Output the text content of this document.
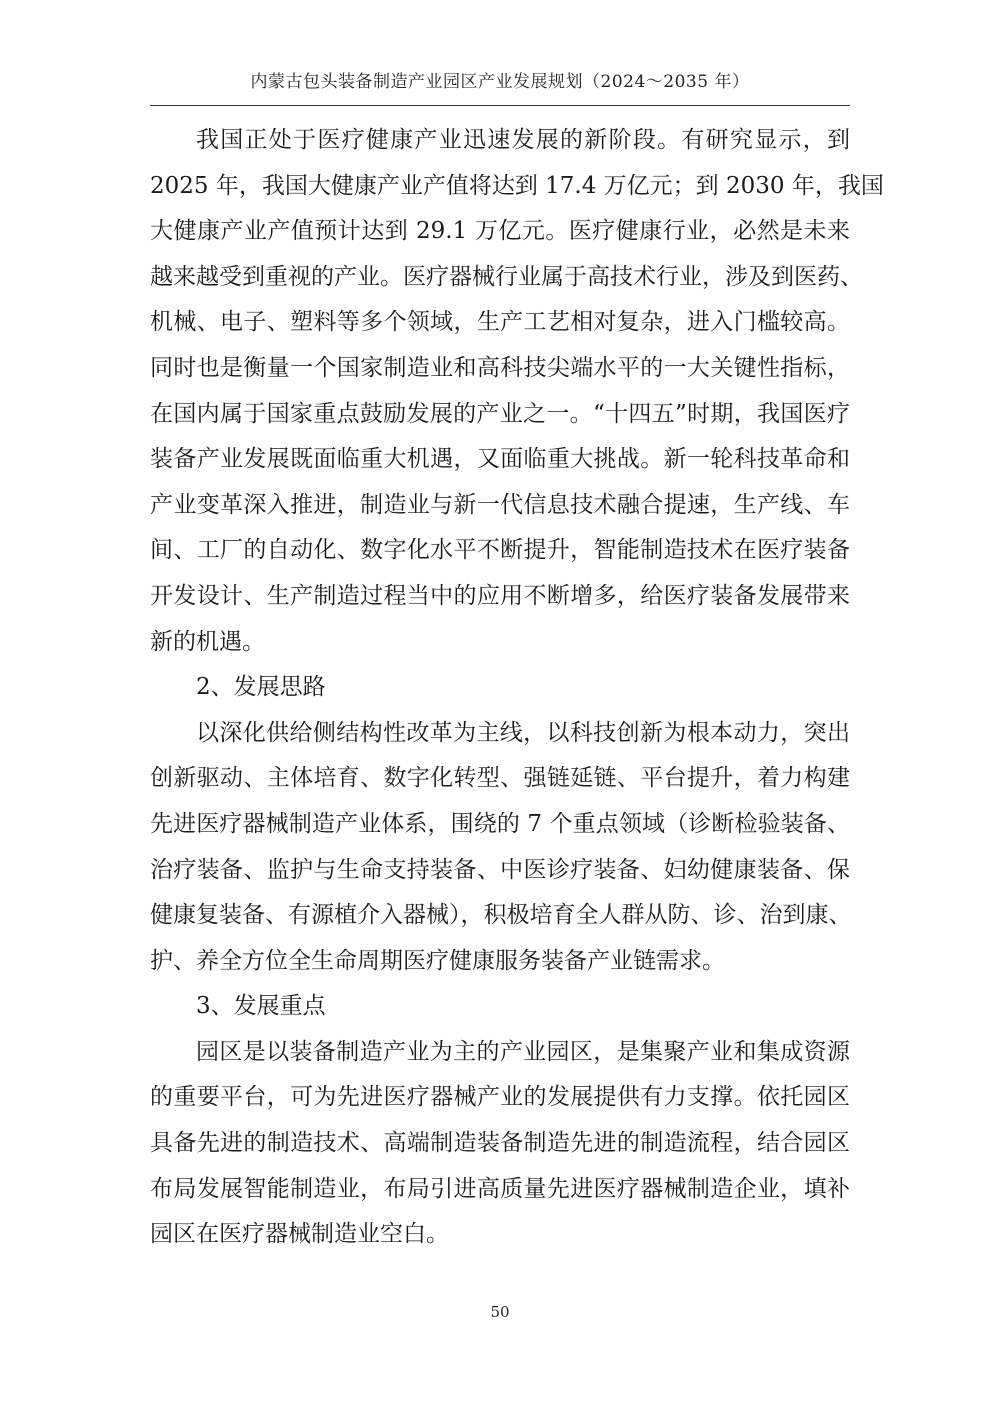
内蒙古包头装备制造产业园区产业发展规划（2024～2035 年）
我国正处于医疗健康产业迅速发展的新阶段。有研究显示，到
2025 年，我国大健康产业产值将达到 17.4 万亿元；到 2030 年，我国
大健康产业产值预计达到 29.1 万亿元。医疗健康行业，必然是未来
越来越受到重视的产业。医疗器械行业属于高技术行业，涉及到医药、
机械、电子、塑料等多个领域，生产工艺相对复杂，进入门槛较高。
同时也是衡量一个国家制造业和高科技尖端水平的一大关键性指标，
在国内属于国家重点鼓励发展的产业之一。“十四五”时期，我国医疗
装备产业发展既面临重大机遇，又面临重大挑战。新一轮科技革命和
产业变革深入推进，制造业与新一代信息技术融合提速，生产线、车
间、工厂的自动化、数字化水平不断提升，智能制造技术在医疗装备
开发设计、生产制造过程当中的应用不断增多，给医疗装备发展带来
新的机遇。
2、发展思路
以深化供给侧结构性改革为主线，以科技创新为根本动力，突出
创新驱动、主体培育、数字化转型、强链延链、平台提升，着力构建
先进医疗器械制造产业体系，围绕的 7 个重点领域（诊断检验装备、
治疗装备、监护与生命支持装备、中医诊疗装备、妇幼健康装备、保
健康复装备、有源植介入器械），积极培育全人群从防、诊、治到康、
护、养全方位全生命周期医疗健康服务装备产业链需求。
3、发展重点
园区是以装备制造产业为主的产业园区，是集聚产业和集成资源
的重要平台，可为先进医疗器械产业的发展提供有力支撑。依托园区
具备先进的制造技术、高端制造装备制造先进的制造流程，结合园区
布局发展智能制造业，布局引进高质量先进医疗器械制造企业，填补
园区在医疗器械制造业空白。
50
